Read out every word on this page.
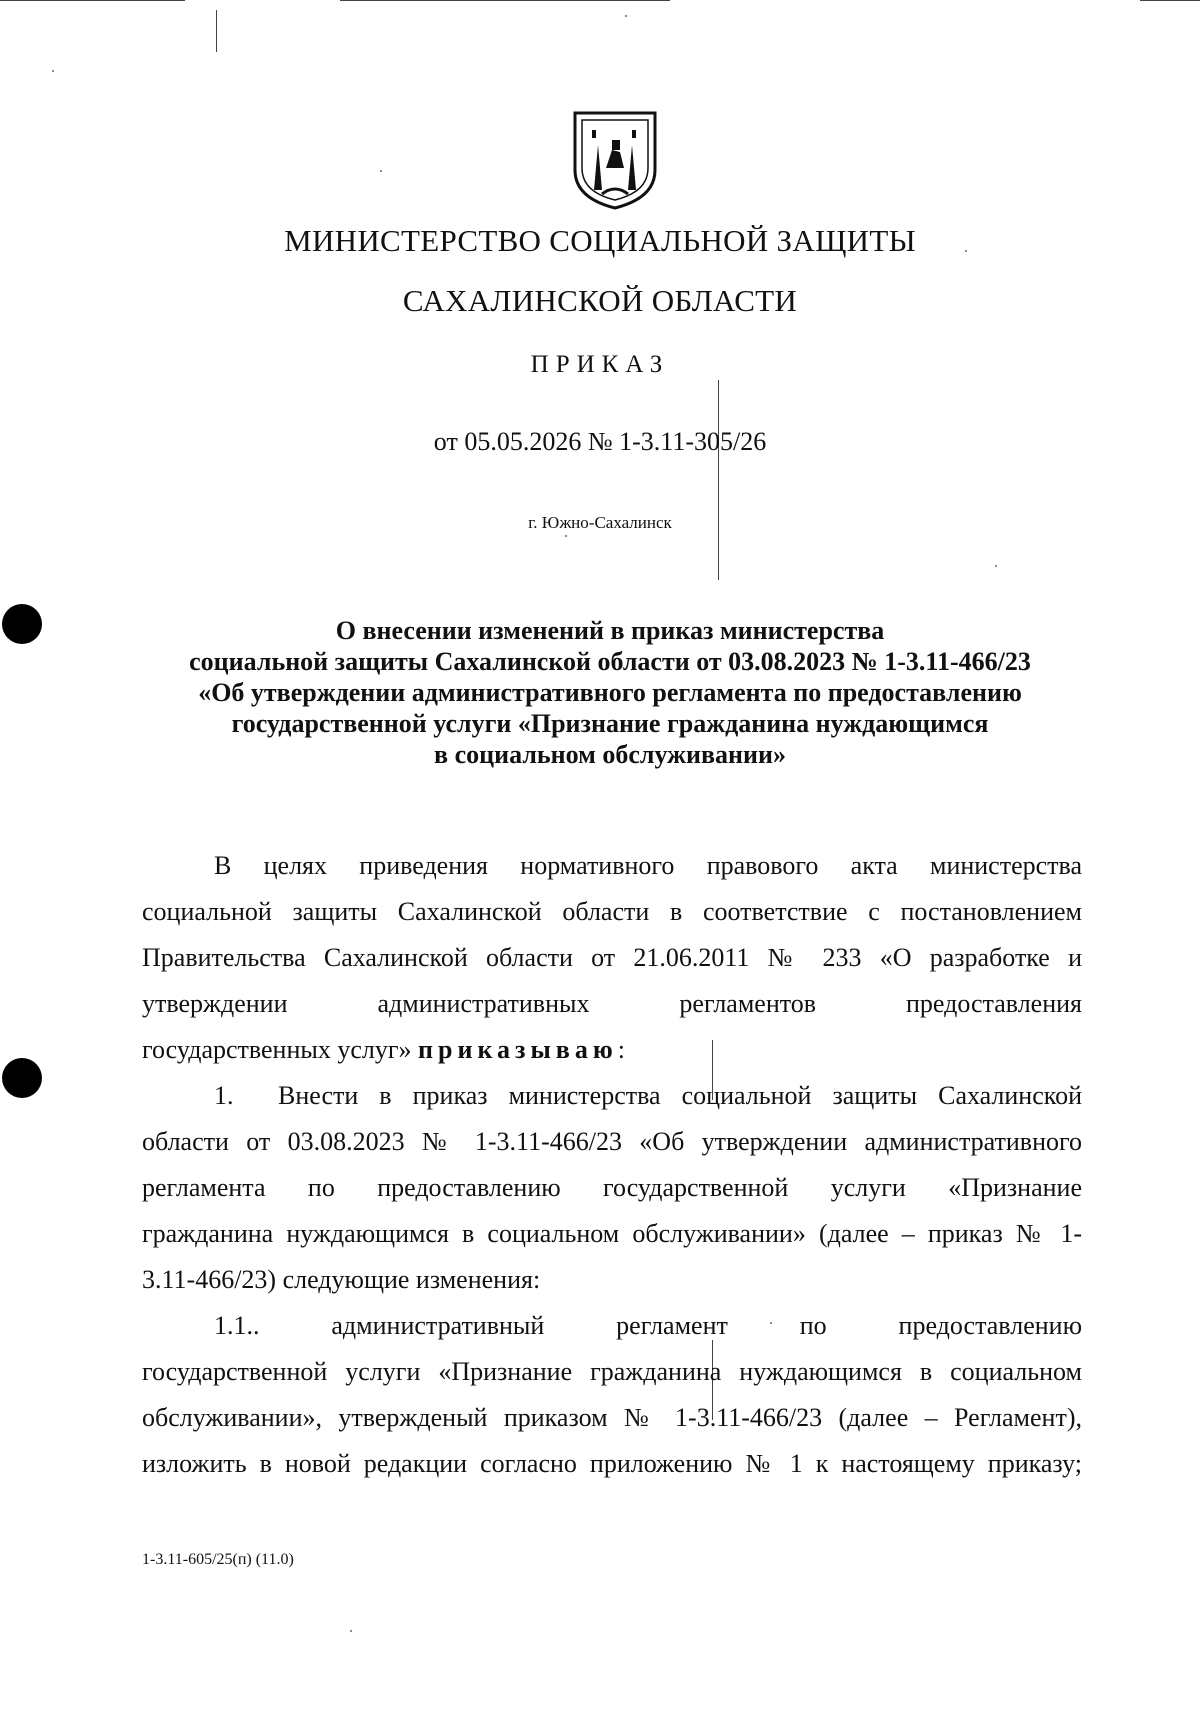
МИНИСТЕРСТВО СОЦИАЛЬНОЙ ЗАЩИТЫ
САХАЛИНСКОЙ ОБЛАСТИ
ПРИКАЗ
от 05.05.2026 № 1-3.11-305/26
г. Южно-Сахалинск
О внесении изменений в приказ министерства
социальной защиты Сахалинской области от 03.08.2023 № 1-3.11-466/23
«Об утверждении административного регламента по предоставлению
государственной услуги «Признание гражданина нуждающимся
в социальном обслуживании»
В целях приведения нормативного правового акта министерства
социальной защиты Сахалинской области в соответствие с постановлением
Правительства Сахалинской области от 21.06.2011 № 233 «О разработке и
утверждении административных регламентов предоставления
государственных услуг» приказываю:
1. Внести в приказ министерства социальной защиты Сахалинской
области от 03.08.2023 № 1-3.11-466/23 «Об утверждении административного
регламента по предоставлению государственной услуги «Признание
гражданина нуждающимся в социальном обслуживании» (далее – приказ № 1-
3.11-466/23) следующие изменения:
1.1.. административный регламент по предоставлению
государственной услуги «Признание гражданина нуждающимся в социальном
обслуживании», утвержденый приказом № 1-3.11-466/23 (далее – Регламент),
изложить в новой редакции согласно приложению № 1 к настоящему приказу;
1-3.11-605/25(п) (11.0)
